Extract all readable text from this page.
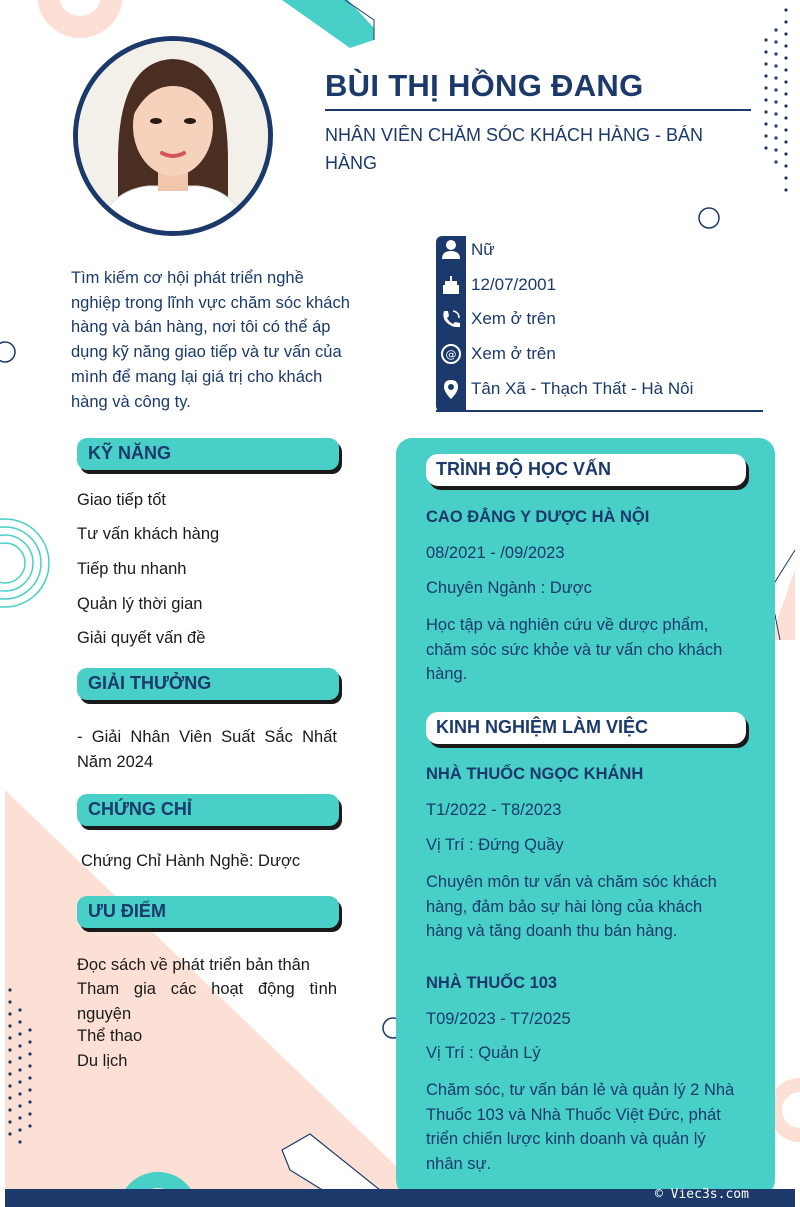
BÙI THỊ HỒNG ĐANG
NHÂN VIÊN CHĂM SÓC KHÁCH HÀNG - BÁN HÀNG
Tìm kiếm cơ hội phát triển nghề nghiệp trong lĩnh vực chăm sóc khách hàng và bán hàng, nơi tôi có thể áp dụng kỹ năng giao tiếp và tư vấn của mình để mang lại giá trị cho khách hàng và công ty.
Nữ
12/07/2001
Xem ở trên
@ Xem ở trên
Tân Xã - Thạch Thất - Hà Nôi
KỸ NĂNG
Giao tiếp tốt
Tư vấn khách hàng
Tiếp thu nhanh
Quản lý thời gian
Giải quyết vấn đề
GIẢI THƯỞNG
- Giải Nhân Viên Suất Sắc Nhất Năm 2024
CHỨNG CHỈ
Chứng Chỉ Hành Nghề: Dược
ƯU ĐIỂM
Đọc sách về phát triển bản thân
Tham gia các hoạt động tình nguyện
Thể thao
Du lịch
TRÌNH ĐỘ HỌC VẤN
CAO ĐẲNG Y DƯỢC HÀ NỘI
08/2021 - /09/2023
Chuyên Ngành : Dược
Học tập và nghiên cứu về dược phẩm, chăm sóc sức khỏe và tư vấn cho khách hàng.
KINH NGHIỆM LÀM VIỆC
NHÀ THUỐC NGỌC KHÁNH
T1/2022 - T8/2023
Vị Trí : Đứng Quầy
Chuyên môn tư vấn và chăm sóc khách hàng, đảm bảo sự hài lòng của khách hàng và tăng doanh thu bán hàng.
NHÀ THUỐC 103
T09/2023 - T7/2025
Vị Trí : Quản Lý
Chăm sóc, tư vấn bán lẻ và quản lý 2 Nhà Thuốc 103 và Nhà Thuốc Việt Đức, phát triển chiến lược kinh doanh và quản lý nhân sự.
© Viec3s.com
